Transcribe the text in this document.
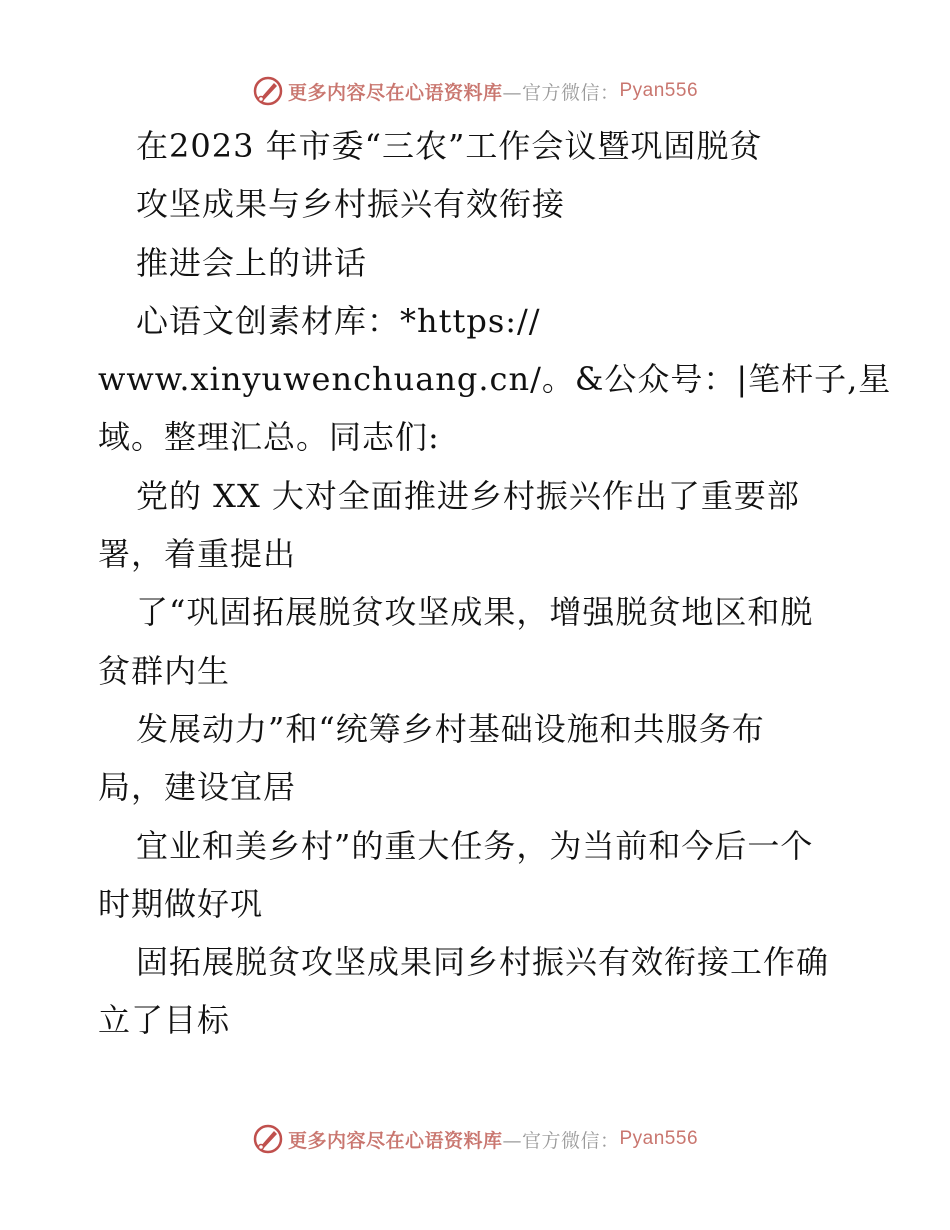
更多内容尽在心语资料库 —官方微信： Pyan556
在2023 年市委“三农”工作会议暨巩固脱贫
攻坚成果与乡村振兴有效衔接
推进会上的讲话
心语文创素材库：*https://
www.xinyuwenchuang.cn/。&公众号：|笔杆子,星
域。整理汇总。同志们:
党的 XX 大对全面推进乡村振兴作出了重要部
署，着重提出
了“巩固拓展脱贫攻坚成果，增强脱贫地区和脱
贫群内生
发展动力”和“统筹乡村基础设施和共服务布
局，建设宜居
宜业和美乡村”的重大任务，为当前和今后一个
时期做好巩
固拓展脱贫攻坚成果同乡村振兴有效衔接工作确
立了目标
更多内容尽在心语资料库 —官方微信： Pyan556
